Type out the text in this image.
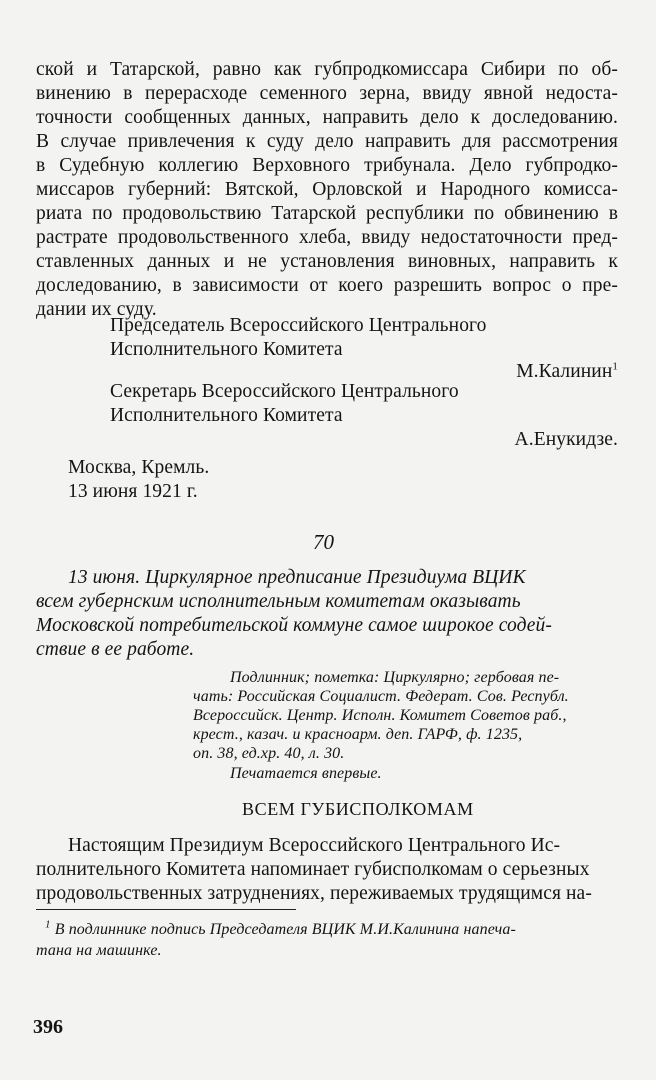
ской и Татарской, равно как губпродкомиссара Сибири по об-
винению в перерасходе семенного зерна, ввиду явной недоста-
точности сообщенных данных, направить дело к доследованию.
В случае привлечения к суду дело направить для рассмотрения
в Судебную коллегию Верховного трибунала. Дело губпродко-
миссаров губерний: Вятской, Орловской и Народного комисса-
риата по продовольствию Татарской республики по обвинению в
растрате продовольственного хлеба, ввиду недостаточности пред-
ставленных данных и не установления виновных, направить к
доследованию, в зависимости от коего разрешить вопрос о пре-
дании их суду.
Председатель Всероссийского Центрального
Исполнительного Комитета
М.Калинин$^1$
Секретарь Всероссийского Центрального
Исполнительного Комитета
А.Енукидзе.
Москва, Кремль.
13 июня 1921 г.
70
13 июня. Циркулярное предписание Президиума ВЦИК
всем губернским исполнительным комитетам оказывать
Московской потребительской коммуне самое широкое содей-
ствие в ее работе.
Подлинник; пометка: Циркулярно; гербовая пе-
чать: Российская Социалист. Федерат. Сов. Республ.
Всероссийск. Центр. Исполн. Комитет Советов раб.,
крест., казач. и красноарм. деп. ГАРФ, ф. 1235,
оп. 38, ед.хр. 40, л. 30.
Печатается впервые.
ВСЕМ ГУБИСПОЛКОМАМ
Настоящим Президиум Всероссийского Центрального Ис-
полнительного Комитета напоминает губисполкомам о серьезных
продовольственных затруднениях, переживаемых трудящимся на-
$^1$ В подлиннике подпись Председателя ВЦИК М.И.Калинина напеча-
тана на машинке.
396
